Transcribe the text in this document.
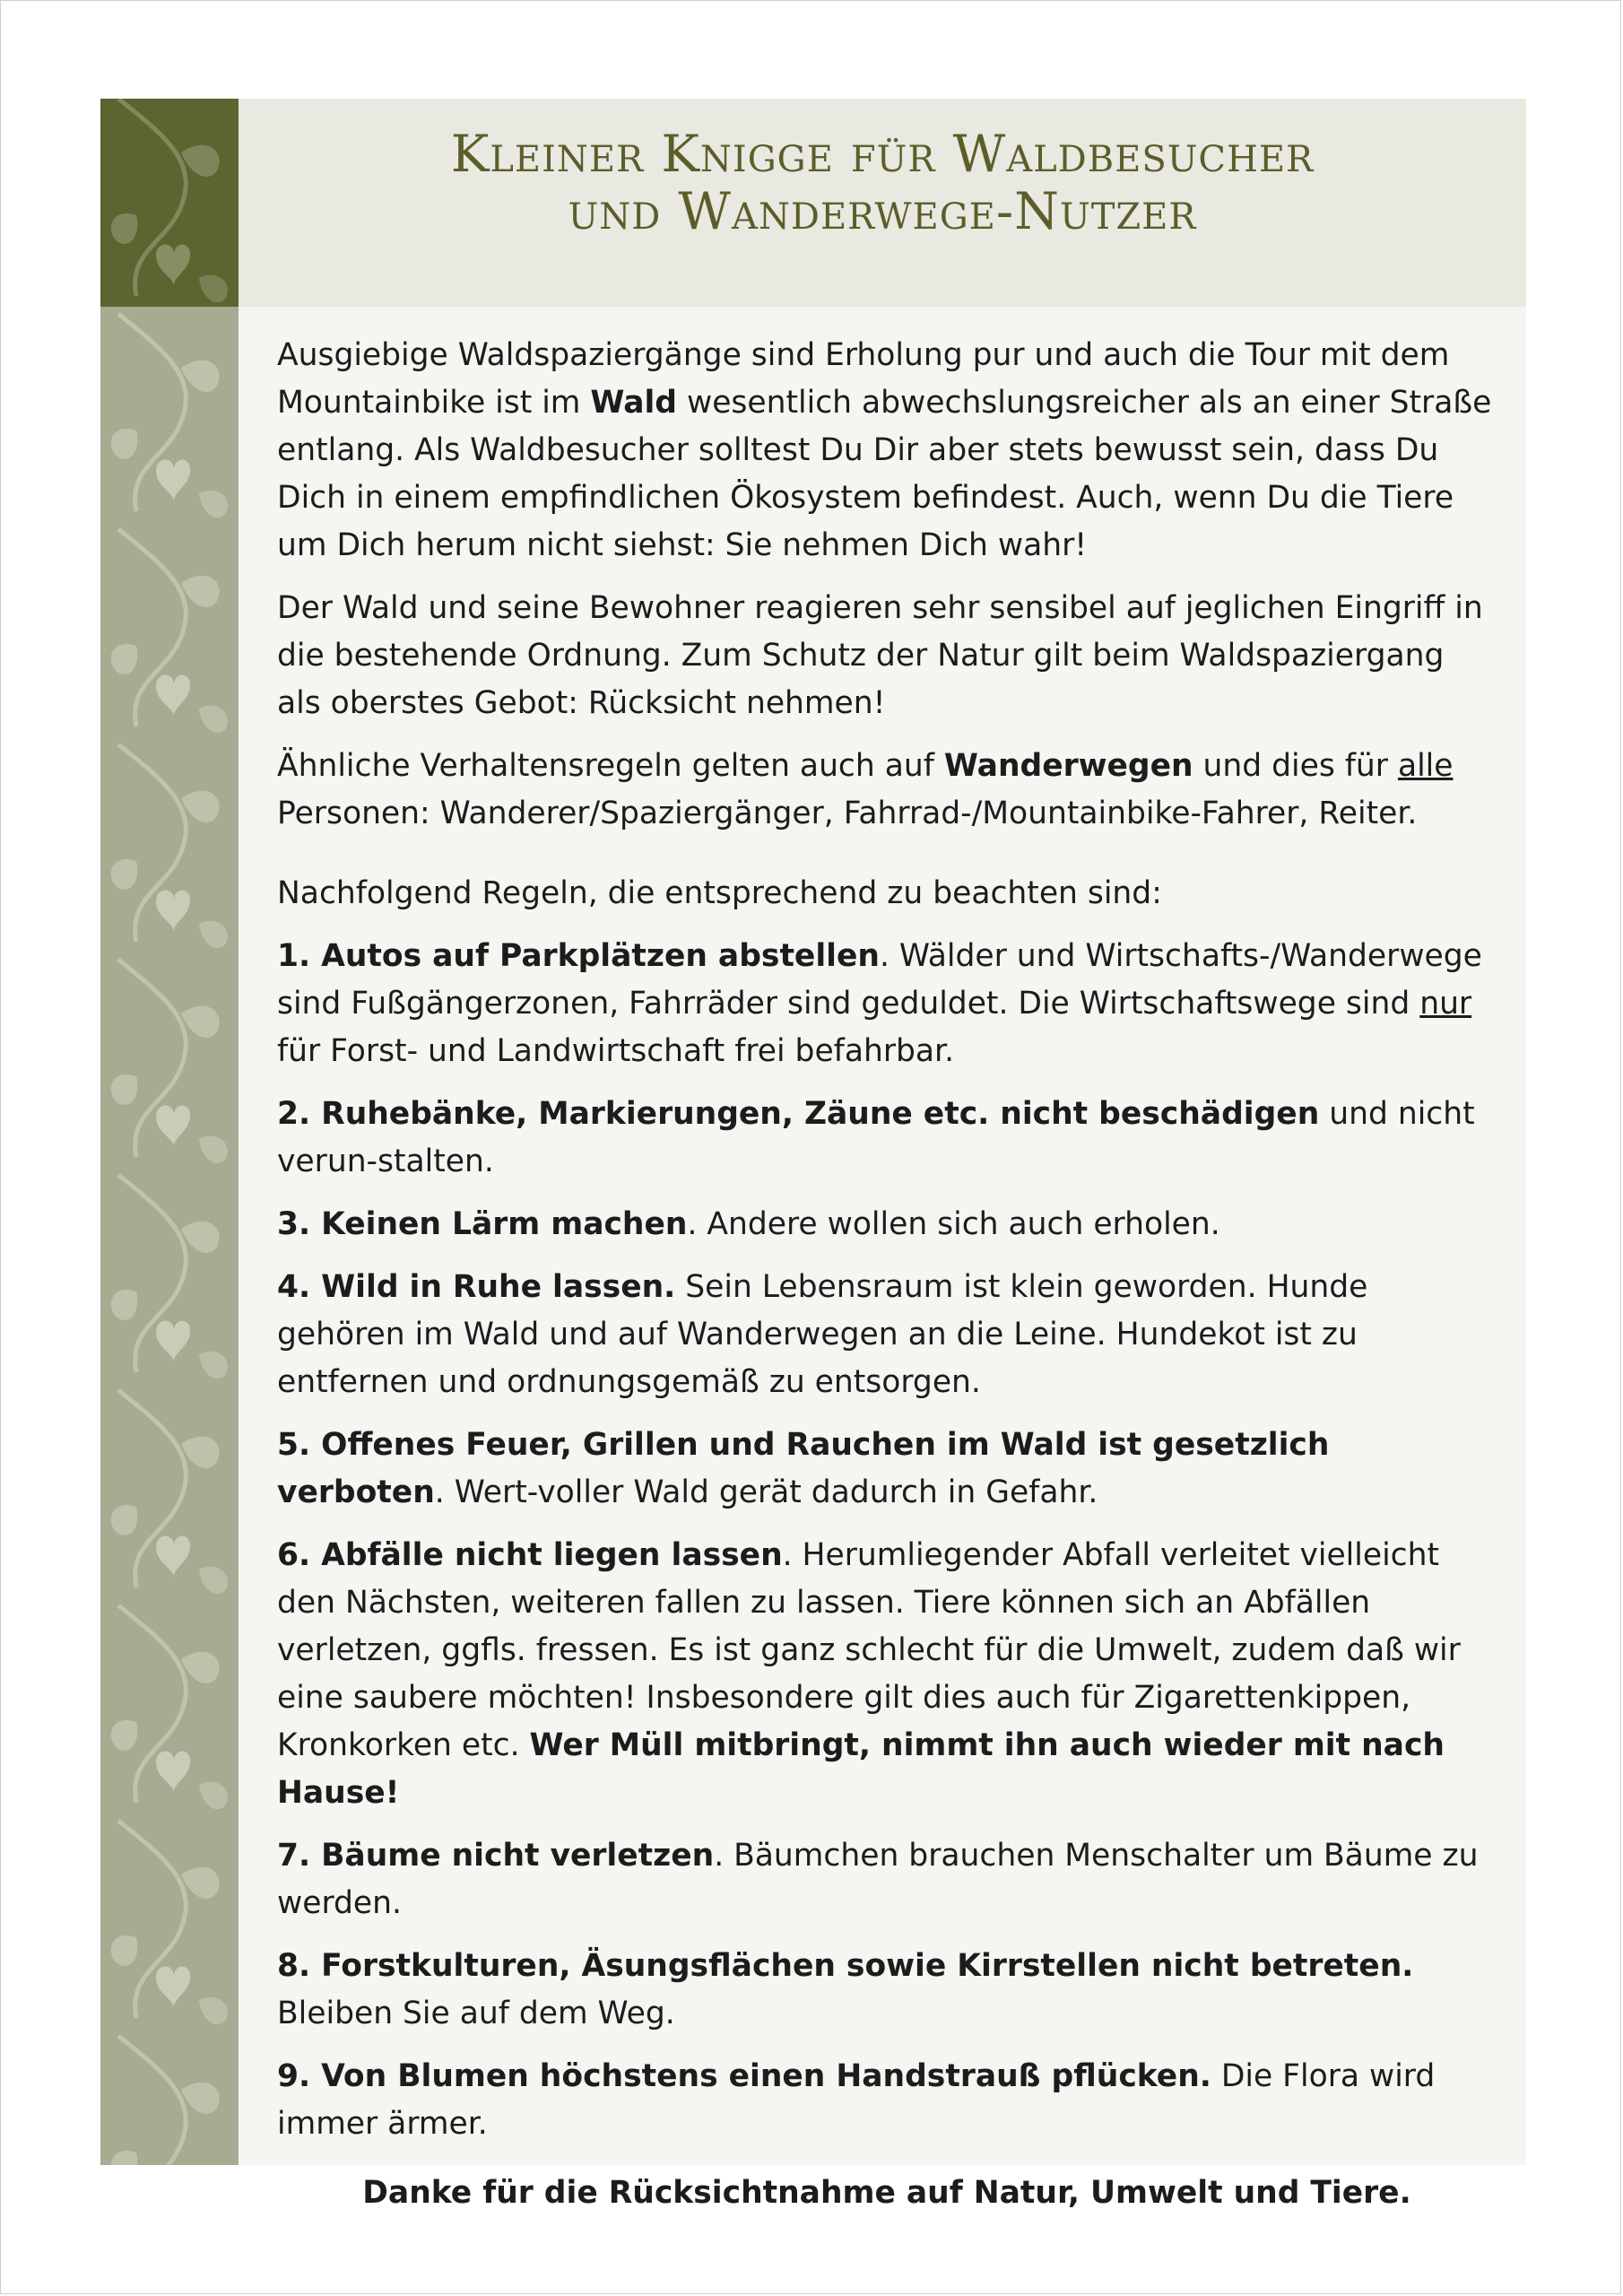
Kleiner Knigge für Waldbesucher
und Wanderwege-Nutzer

Ausgiebige Waldspaziergänge sind Erholung pur und auch die Tour mit dem Mountainbike ist im Wald wesentlich abwechslungsreicher als an einer Straße entlang. Als Waldbesucher solltest Du Dir aber stets bewusst sein, dass Du Dich in einem empfindlichen Ökosystem befindest. Auch, wenn Du die Tiere um Dich herum nicht siehst: Sie nehmen Dich wahr!

Der Wald und seine Bewohner reagieren sehr sensibel auf jeglichen Eingriff in die bestehende Ordnung. Zum Schutz der Natur gilt beim Waldspaziergang als oberstes Gebot: Rücksicht nehmen!

Ähnliche Verhaltensregeln gelten auch auf Wanderwegen und dies für alle Personen: Wanderer/Spaziergänger, Fahrrad-/Mountainbike-Fahrer, Reiter.

Nachfolgend Regeln, die entsprechend zu beachten sind:

1. Autos auf Parkplätzen abstellen. Wälder und Wirtschafts-/Wanderwege sind Fußgängerzonen, Fahrräder sind geduldet. Die Wirtschaftswege sind nur für Forst- und Landwirtschaft frei befahrbar.

2. Ruhebänke, Markierungen, Zäune etc. nicht beschädigen und nicht verun-stalten.

3. Keinen Lärm machen. Andere wollen sich auch erholen.

4. Wild in Ruhe lassen. Sein Lebensraum ist klein geworden. Hunde gehören im Wald und auf Wanderwegen an die Leine. Hundekot ist zu entfernen und ordnungsgemäß zu entsorgen.

5. Offenes Feuer, Grillen und Rauchen im Wald ist gesetzlich verboten. Wert-voller Wald gerät dadurch in Gefahr.

6. Abfälle nicht liegen lassen. Herumliegender Abfall verleitet vielleicht den Nächsten, weiteren fallen zu lassen. Tiere können sich an Abfällen verletzen, ggfls. fressen. Es ist ganz schlecht für die Umwelt, zudem daß wir eine saubere möchten! Insbesondere gilt dies auch für Zigarettenkippen, Kronkorken etc. Wer Müll mitbringt, nimmt ihn auch wieder mit nach Hause!

7. Bäume nicht verletzen. Bäumchen brauchen Menschalter um Bäume zu werden.

8. Forstkulturen, Äsungsflächen sowie Kirrstellen nicht betreten. Bleiben Sie auf dem Weg.

9. Von Blumen höchstens einen Handstrauß pflücken. Die Flora wird immer ärmer.

Danke für die Rücksichtnahme auf Natur, Umwelt und Tiere.
